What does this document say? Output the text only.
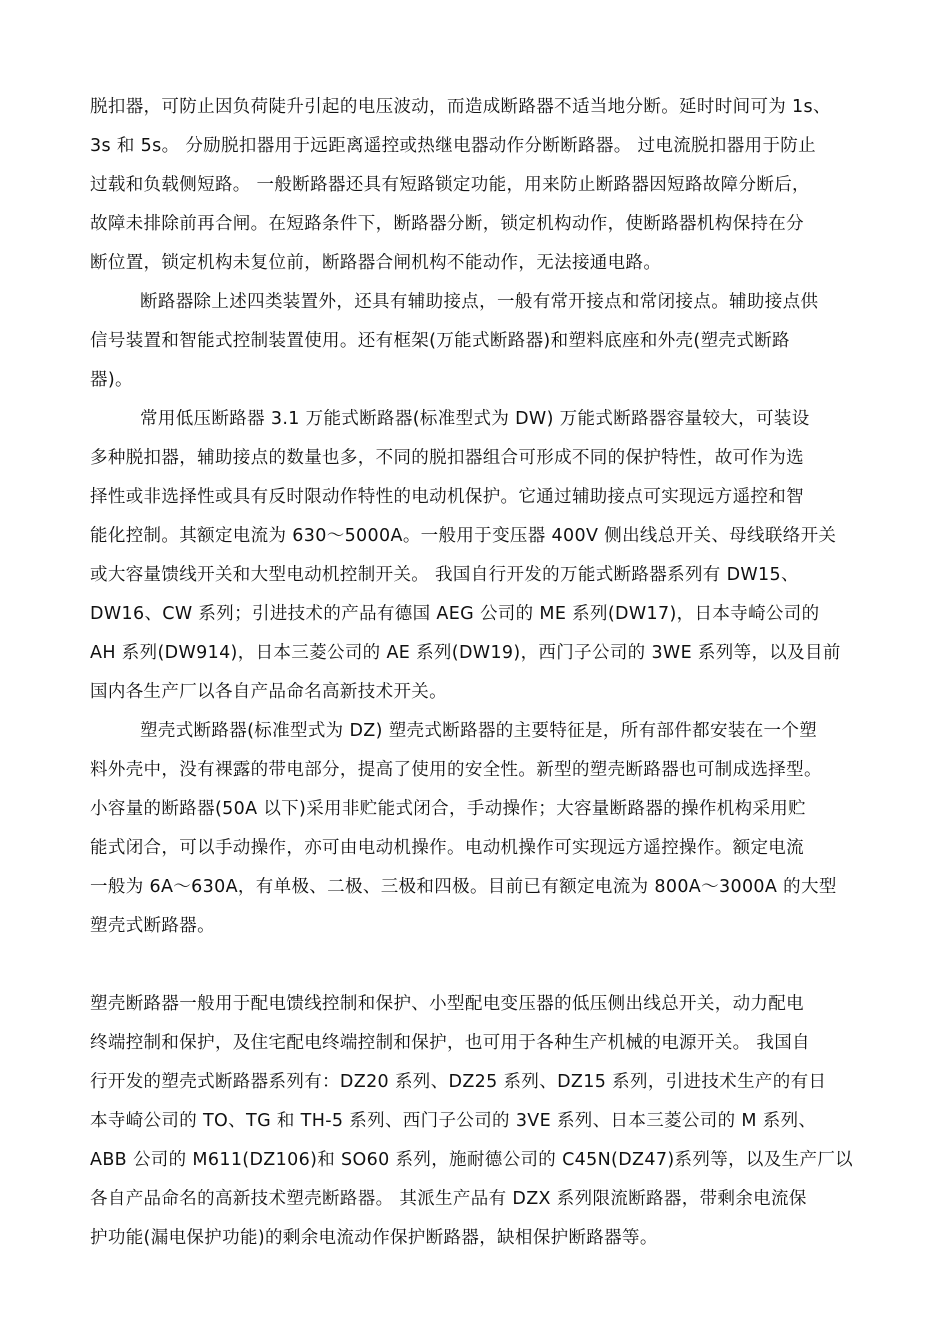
脱扣器，可防止因负荷陡升引起的电压波动，而造成断路器不适当地分断。延时时间可为 1s、
3s 和 5s。 分励脱扣器用于远距离遥控或热继电器动作分断断路器。 过电流脱扣器用于防止
过载和负载侧短路。 一般断路器还具有短路锁定功能，用来防止断路器因短路故障分断后，
故障未排除前再合闸。在短路条件下，断路器分断，锁定机构动作，使断路器机构保持在分
断位置，锁定机构未复位前，断路器合闸机构不能动作，无法接通电路。
断路器除上述四类装置外，还具有辅助接点，一般有常开接点和常闭接点。辅助接点供
信号装置和智能式控制装置使用。还有框架(万能式断路器)和塑料底座和外壳(塑壳式断路
器)。
常用低压断路器 3.1 万能式断路器(标准型式为 DW) 万能式断路器容量较大，可装设
多种脱扣器，辅助接点的数量也多，不同的脱扣器组合可形成不同的保护特性，故可作为选
择性或非选择性或具有反时限动作特性的电动机保护。它通过辅助接点可实现远方遥控和智
能化控制。其额定电流为 630～5000A。一般用于变压器 400V 侧出线总开关、母线联络开关
或大容量馈线开关和大型电动机控制开关。 我国自行开发的万能式断路器系列有 DW15、
DW16、CW 系列；引进技术的产品有德国 AEG 公司的 ME 系列(DW17)，日本寺崎公司的
AH 系列(DW914)，日本三菱公司的 AE 系列(DW19)，西门子公司的 3WE 系列等，以及目前
国内各生产厂以各自产品命名高新技术开关。
塑壳式断路器(标准型式为 DZ) 塑壳式断路器的主要特征是，所有部件都安装在一个塑
料外壳中，没有裸露的带电部分，提高了使用的安全性。新型的塑壳断路器也可制成选择型。
小容量的断路器(50A 以下)采用非贮能式闭合，手动操作；大容量断路器的操作机构采用贮
能式闭合，可以手动操作，亦可由电动机操作。电动机操作可实现远方遥控操作。额定电流
一般为 6A～630A，有单极、二极、三极和四极。目前已有额定电流为 800A～3000A 的大型
塑壳式断路器。
塑壳断路器一般用于配电馈线控制和保护、小型配电变压器的低压侧出线总开关，动力配电
终端控制和保护，及住宅配电终端控制和保护，也可用于各种生产机械的电源开关。 我国自
行开发的塑壳式断路器系列有：DZ20 系列、DZ25 系列、DZ15 系列，引进技术生产的有日
本寺崎公司的 TO、TG 和 TH-5 系列、西门子公司的 3VE 系列、日本三菱公司的 M 系列、
ABB 公司的 M611(DZ106)和 SO60 系列，施耐德公司的 C45N(DZ47)系列等，以及生产厂以
各自产品命名的高新技术塑壳断路器。 其派生产品有 DZX 系列限流断路器，带剩余电流保
护功能(漏电保护功能)的剩余电流动作保护断路器，缺相保护断路器等。
